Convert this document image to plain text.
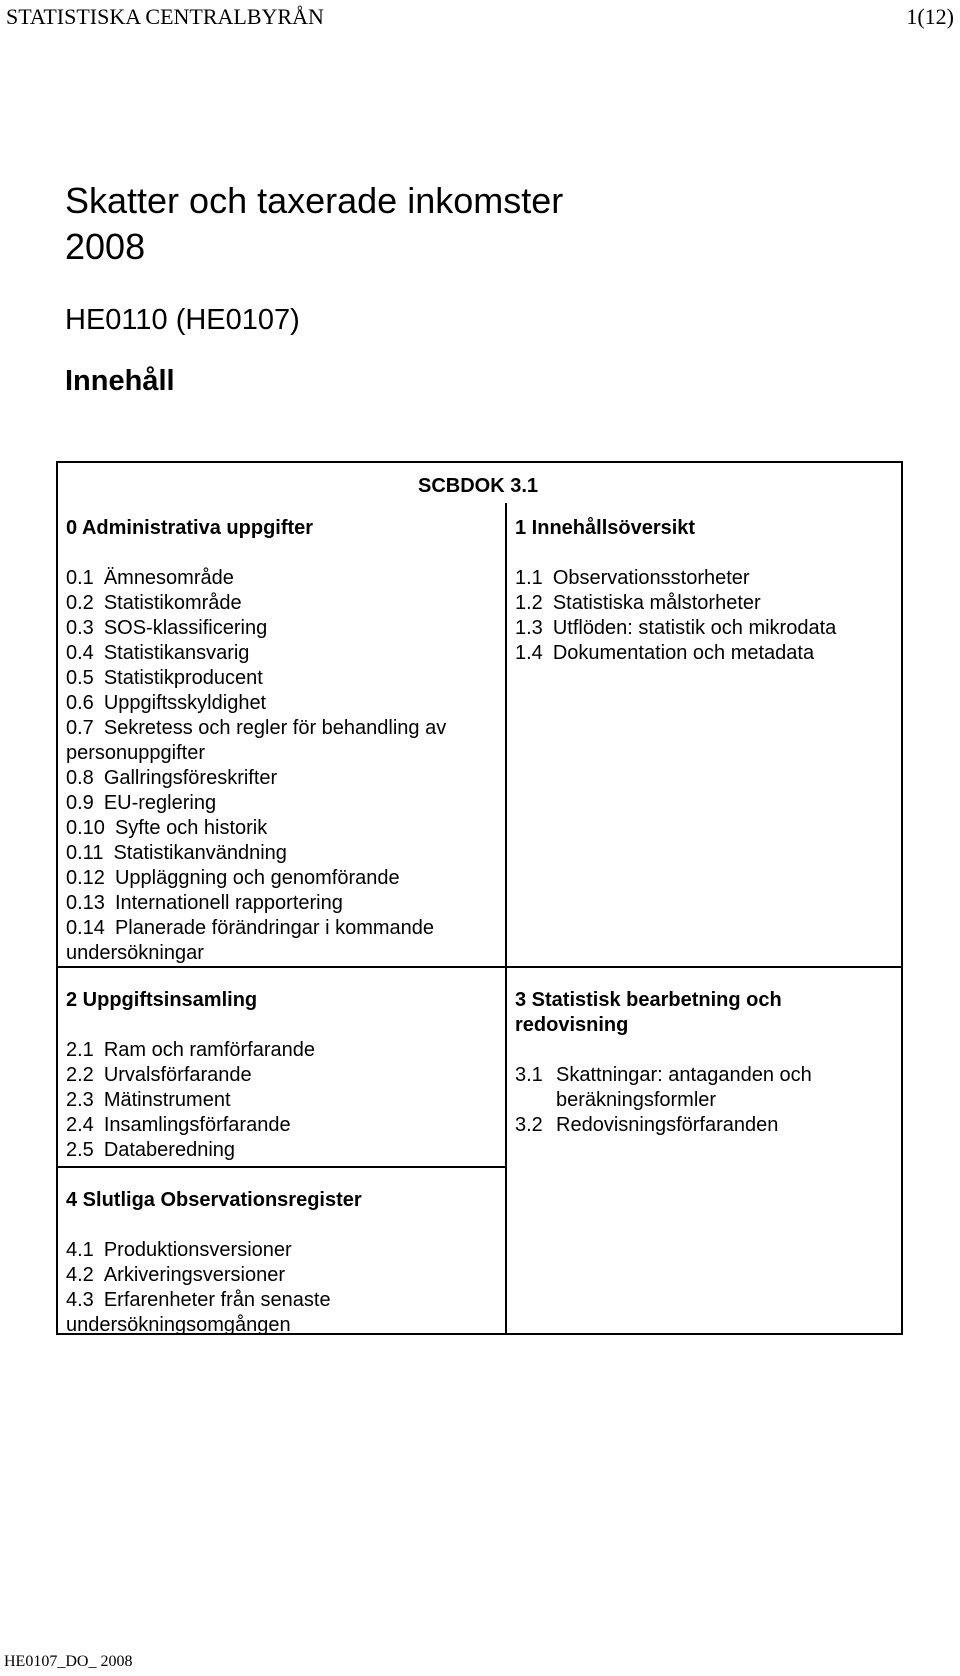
STATISTISKA CENTRALBYRÅN	1(12)
Skatter och taxerade inkomster
2008
HE0110 (HE0107)
Innehåll
SCBDOK 3.1
0 Administrativa uppgifter
0.1 Ämnesområde
0.2 Statistikområde
0.3 SOS-klassificering
0.4 Statistikansvarig
0.5 Statistikproducent
0.6 Uppgiftsskyldighet
0.7 Sekretess och regler för behandling av personuppgifter
0.8 Gallringsföreskrifter
0.9 EU-reglering
0.10 Syfte och historik
0.11 Statistikanvändning
0.12 Uppläggning och genomförande
0.13 Internationell rapportering
0.14 Planerade förändringar i kommande undersökningar
1 Innehållsöversikt
1.1 Observationsstorheter
1.2 Statistiska målstorheter
1.3 Utflöden: statistik och mikrodata
1.4 Dokumentation och metadata
2 Uppgiftsinsamling
2.1 Ram och ramförfarande
2.2 Urvalsförfarande
2.3 Mätinstrument
2.4 Insamlingsförfarande
2.5 Databeredning
3 Statistisk bearbetning och redovisning
3.1 Skattningar: antaganden och beräkningsformler
3.2 Redovisningsförfaranden
4 Slutliga Observationsregister
4.1 Produktionsversioner
4.2 Arkiveringsversioner
4.3 Erfarenheter från senaste undersökningsomgången
HE0107_DO_ 2008
